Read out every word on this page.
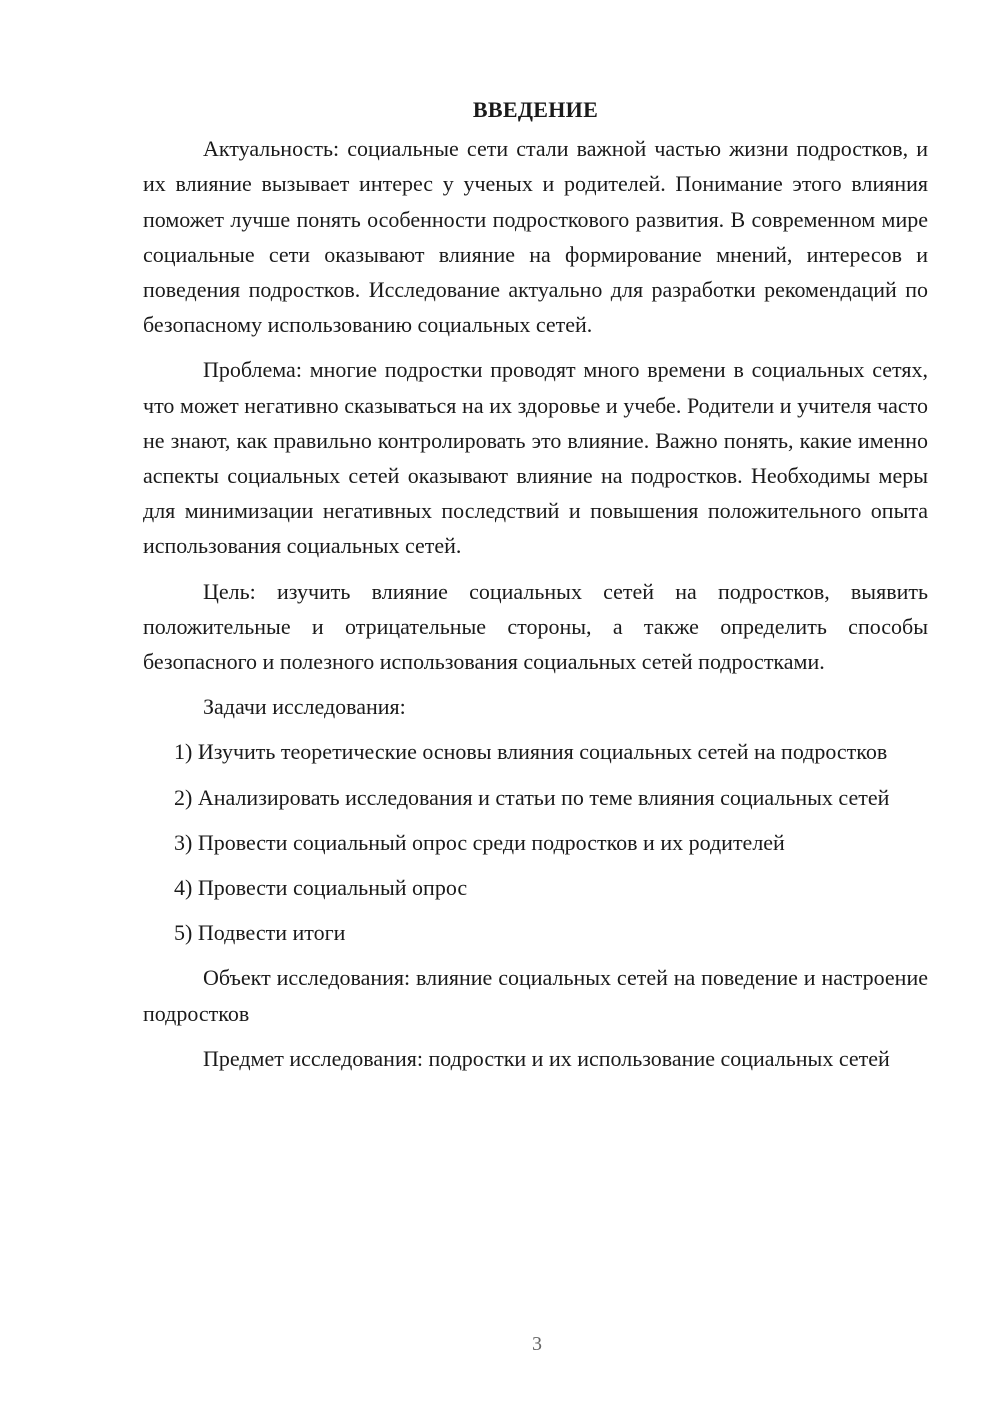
ВВЕДЕНИЕ

Актуальность: социальные сети стали важной частью жизни подростков, и их влияние вызывает интерес у ученых и родителей. Понимание этого влияния поможет лучше понять особенности подросткового развития. В современном мире социальные сети оказывают влияние на формирование мнений, интересов и поведения подростков. Исследование актуально для разработки рекомендаций по безопасному использованию социальных сетей.

Проблема: многие подростки проводят много времени в социальных сетях, что может негативно сказываться на их здоровье и учебе. Родители и учителя часто не знают, как правильно контролировать это влияние. Важно понять, какие именно аспекты социальных сетей оказывают влияние на подростков. Необходимы меры для минимизации негативных последствий и повышения положительного опыта использования социальных сетей.

Цель: изучить влияние социальных сетей на подростков, выявить положительные и отрицательные стороны, а также определить способы безопасного и полезного использования социальных сетей подростками.

Задачи исследования:

1) Изучить теоретические основы влияния социальных сетей на подростков

2) Анализировать исследования и статьи по теме влияния социальных сетей

3) Провести социальный опрос среди подростков и их родителей

4) Провести социальный опрос

5) Подвести итоги

Объект исследования: влияние социальных сетей на поведение и настроение подростков

Предмет исследования: подростки и их использование социальных сетей

3
